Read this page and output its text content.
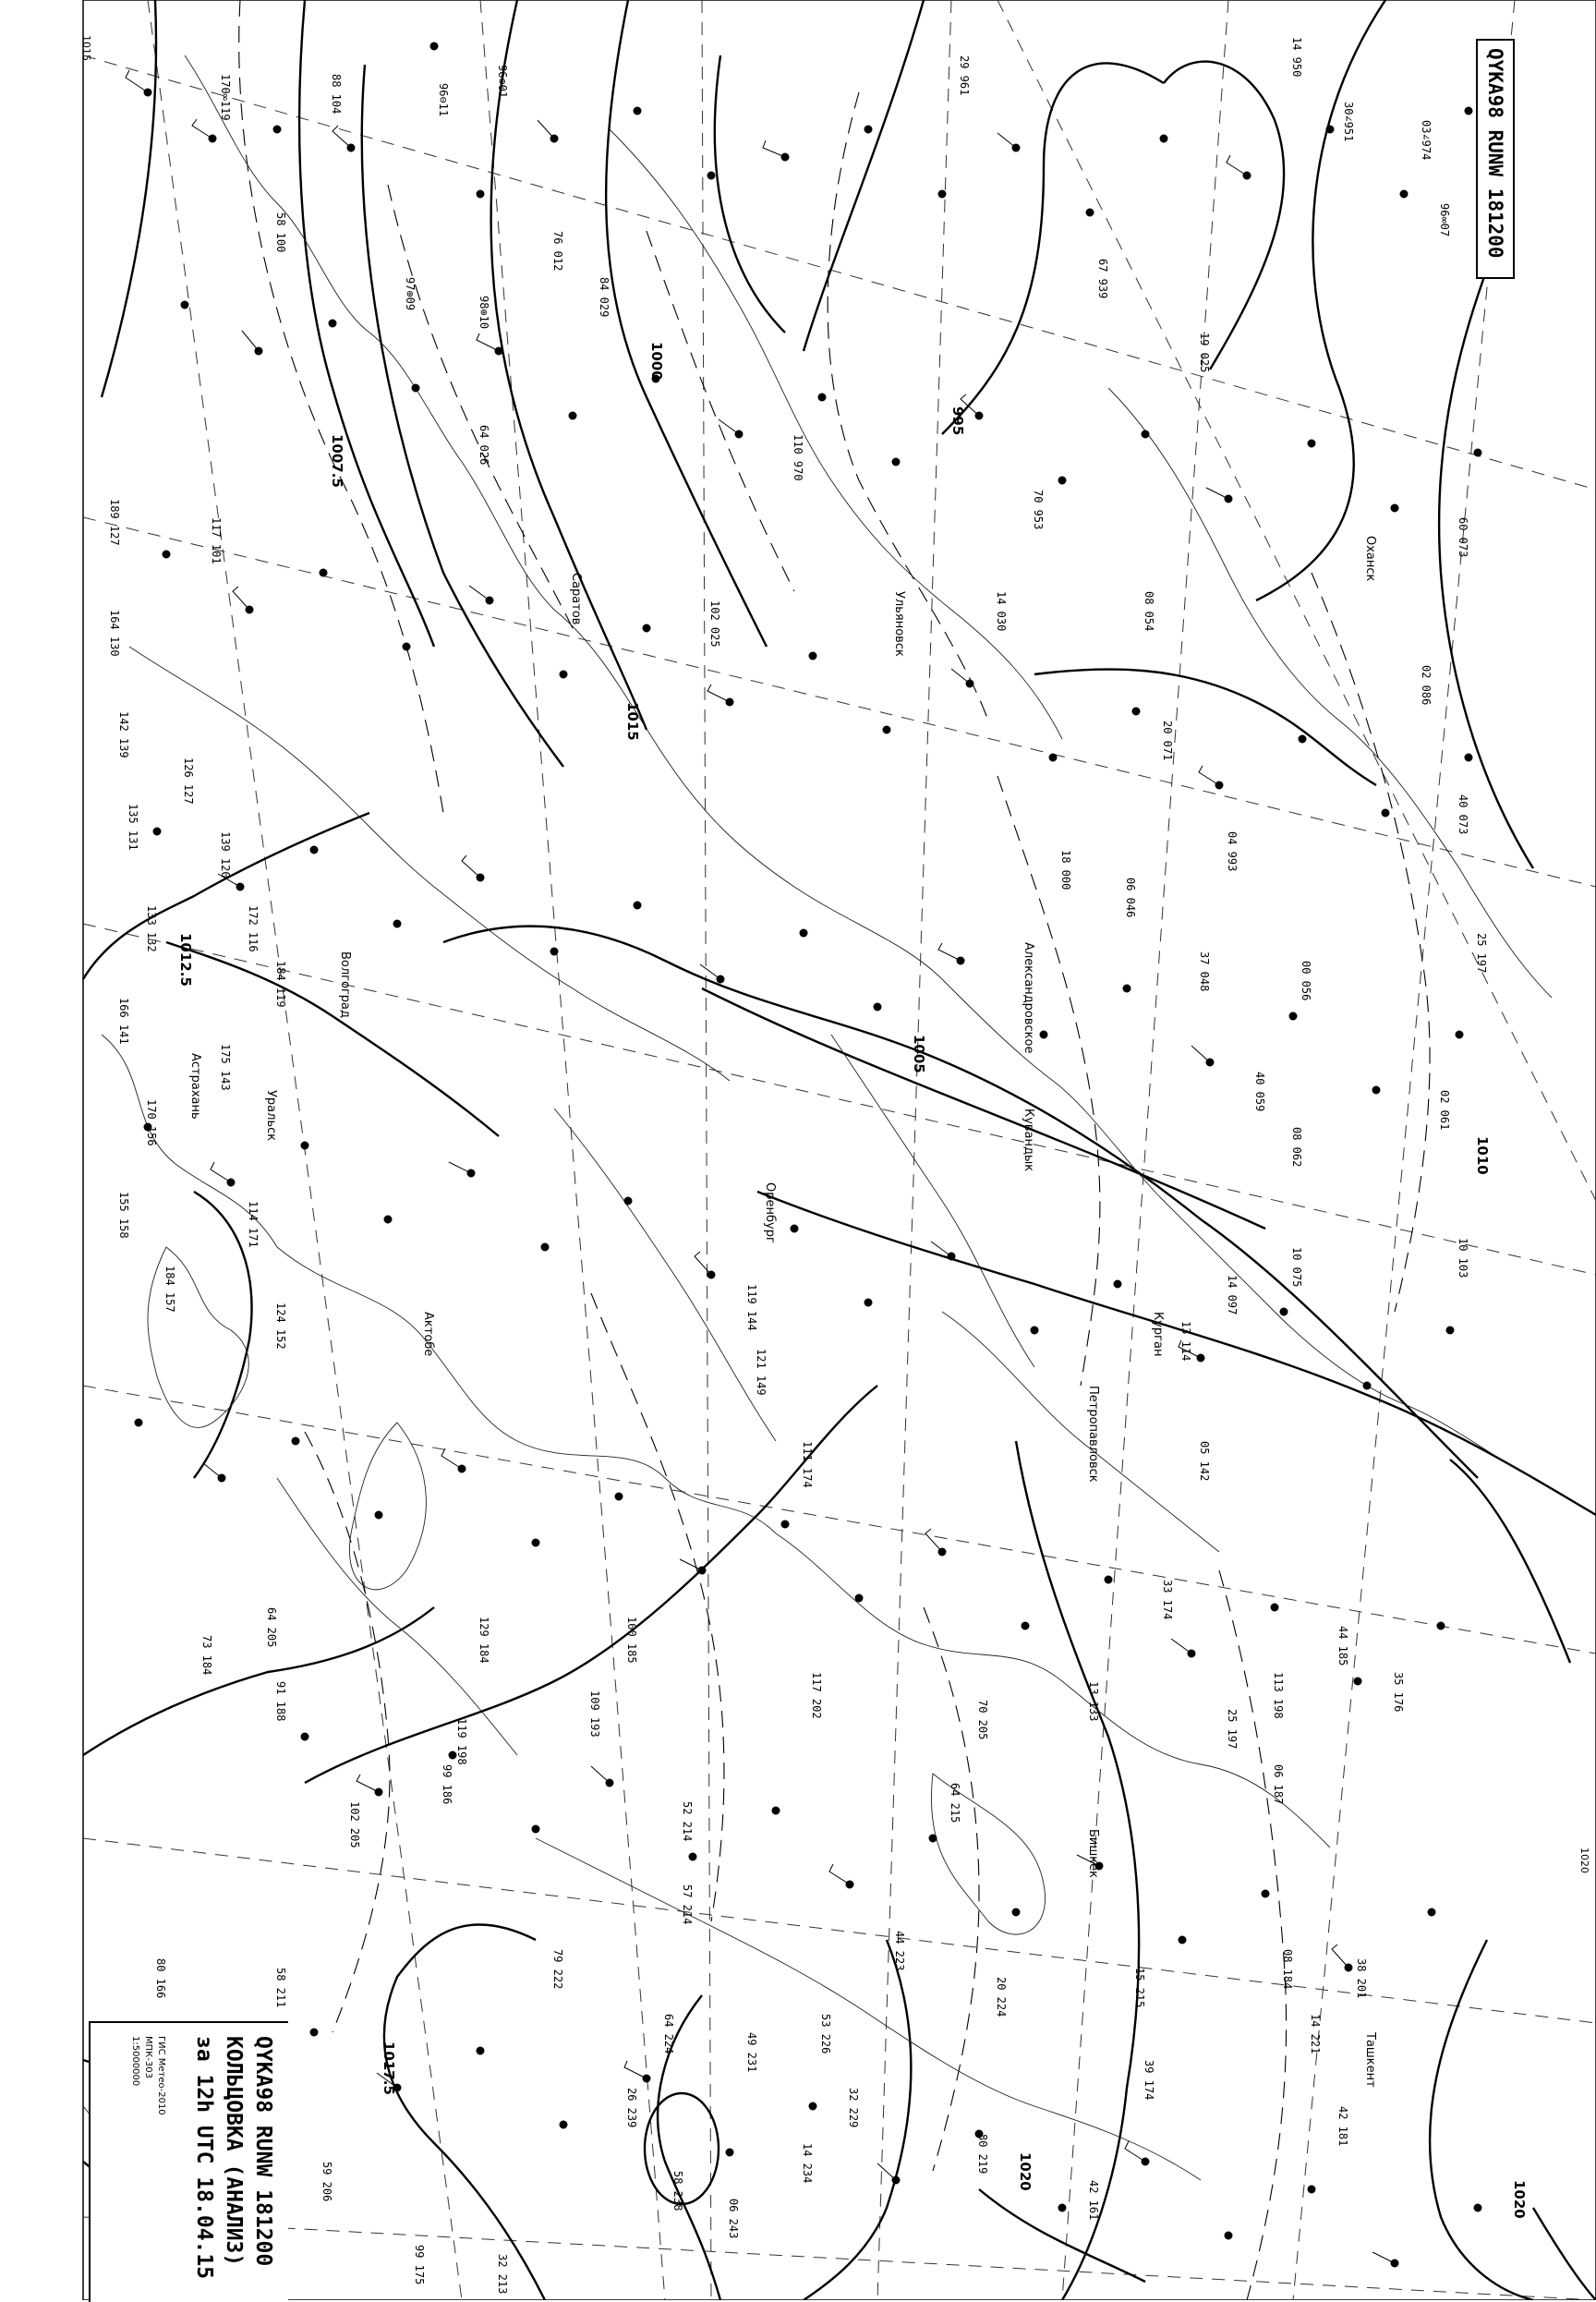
1005
1007.5
1010
1012.5
1015
1017.5
1020
1000
995
1020
170∞119	88 104	96⊖11
96⊕01	29 961	14 950
30∠951	03∠974
96∞07
58 100
97⊕09
98⊕10
67 939
76 012
84 029
70 953
64 026	110 970
102 025
117 101
189 127
164 130
142 139
135 131
126 127
139 120
133 132
166 141
172 116
184 119
175 143
170 156
155 158
184 157
124 152
114 171
119 144
121 149
111 174
100 185
99 186
91 188
64 205
73 184
102 205
109 193	117 202	113 198
129 184
119 198
80 166	58 211	79 222
59 206
64 224
99 175	32 213
53 226
49 231
58 238
06 243
14 234
26 239	32 229
44 223
57 214
52 214
70 205
64 215
80 219
15 215
20 224
14 221
38 201
42 181
44 185
35 176
33 174
25 197
06 187
08 184
05 142
13 114
14 097
10 075
08 062
10 103
02 061
40 059
37 048	00 056
06 046
18 000
14 030	08 054
20 071
04 993
02 086
60 073
40 073
19 025
25 197
39 174
42 161
13 133
Оханск
Ульяновск
Саратов
Волгоград
Астрахань
Кувандык
Александровское
Курган
Петропавловск
Ташкент
Актобе
Бишкек
Оренбург
Уральск
QYKA98 RUNW 181200
QYKA98 RUNW 181200
КОЛЬЦОВКА (АНАЛИЗ)
за 12h UTC 18.04.15
ГИС Метео-2010
MПК-303
1:5000000
1015
1020
